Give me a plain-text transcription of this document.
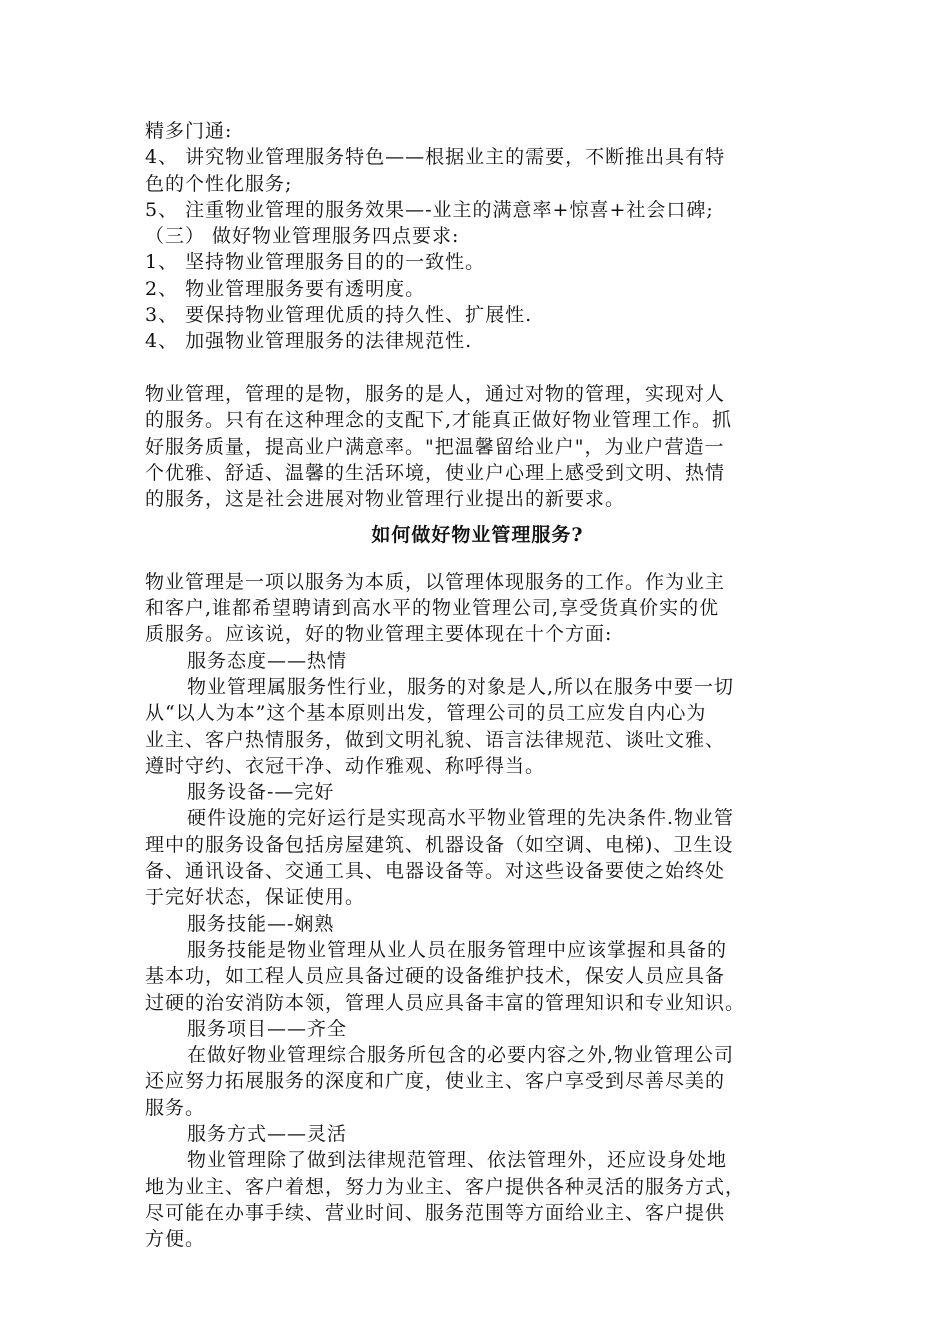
精多门通:
4、 讲究物业管理服务特色——根据业主的需要，不断推出具有特
色的个性化服务;
5、 注重物业管理的服务效果—-业主的满意率+惊喜+社会口碑;
（三） 做好物业管理服务四点要求:
1、 坚持物业管理服务目的的一致性。
2、 物业管理服务要有透明度。
3、 要保持物业管理优质的持久性、扩展性.
4、 加强物业管理服务的法律规范性.
物业管理，管理的是物，服务的是人，通过对物的管理，实现对人
的服务。只有在这种理念的支配下,才能真正做好物业管理工作。抓
好服务质量，提高业户满意率。"把温馨留给业户"，为业户营造一
个优雅、舒适、温馨的生活环境，使业户心理上感受到文明、热情
的服务，这是社会进展对物业管理行业提出的新要求。
如何做好物业管理服务?
物业管理是一项以服务为本质，以管理体现服务的工作。作为业主
和客户,谁都希望聘请到高水平的物业管理公司,享受货真价实的优
质服务。应该说，好的物业管理主要体现在十个方面:
服务态度——热情
物业管理属服务性行业，服务的对象是人,所以在服务中要一切
从“以人为本”这个基本原则出发，管理公司的员工应发自内心为
业主、客户热情服务，做到文明礼貌、语言法律规范、谈吐文雅、
遵时守约、衣冠干净、动作雅观、称呼得当。
服务设备-—完好
硬件设施的完好运行是实现高水平物业管理的先决条件.物业管
理中的服务设备包括房屋建筑、机器设备（如空调、电梯)、卫生设
备、通讯设备、交通工具、电器设备等。对这些设备要使之始终处
于完好状态，保证使用。
服务技能—-娴熟
服务技能是物业管理从业人员在服务管理中应该掌握和具备的
基本功，如工程人员应具备过硬的设备维护技术，保安人员应具备
过硬的治安消防本领，管理人员应具备丰富的管理知识和专业知识。
服务项目——齐全
在做好物业管理综合服务所包含的必要内容之外,物业管理公司
还应努力拓展服务的深度和广度，使业主、客户享受到尽善尽美的
服务。
服务方式——灵活
物业管理除了做到法律规范管理、依法管理外，还应设身处地
地为业主、客户着想，努力为业主、客户提供各种灵活的服务方式，
尽可能在办事手续、营业时间、服务范围等方面给业主、客户提供
方便。
